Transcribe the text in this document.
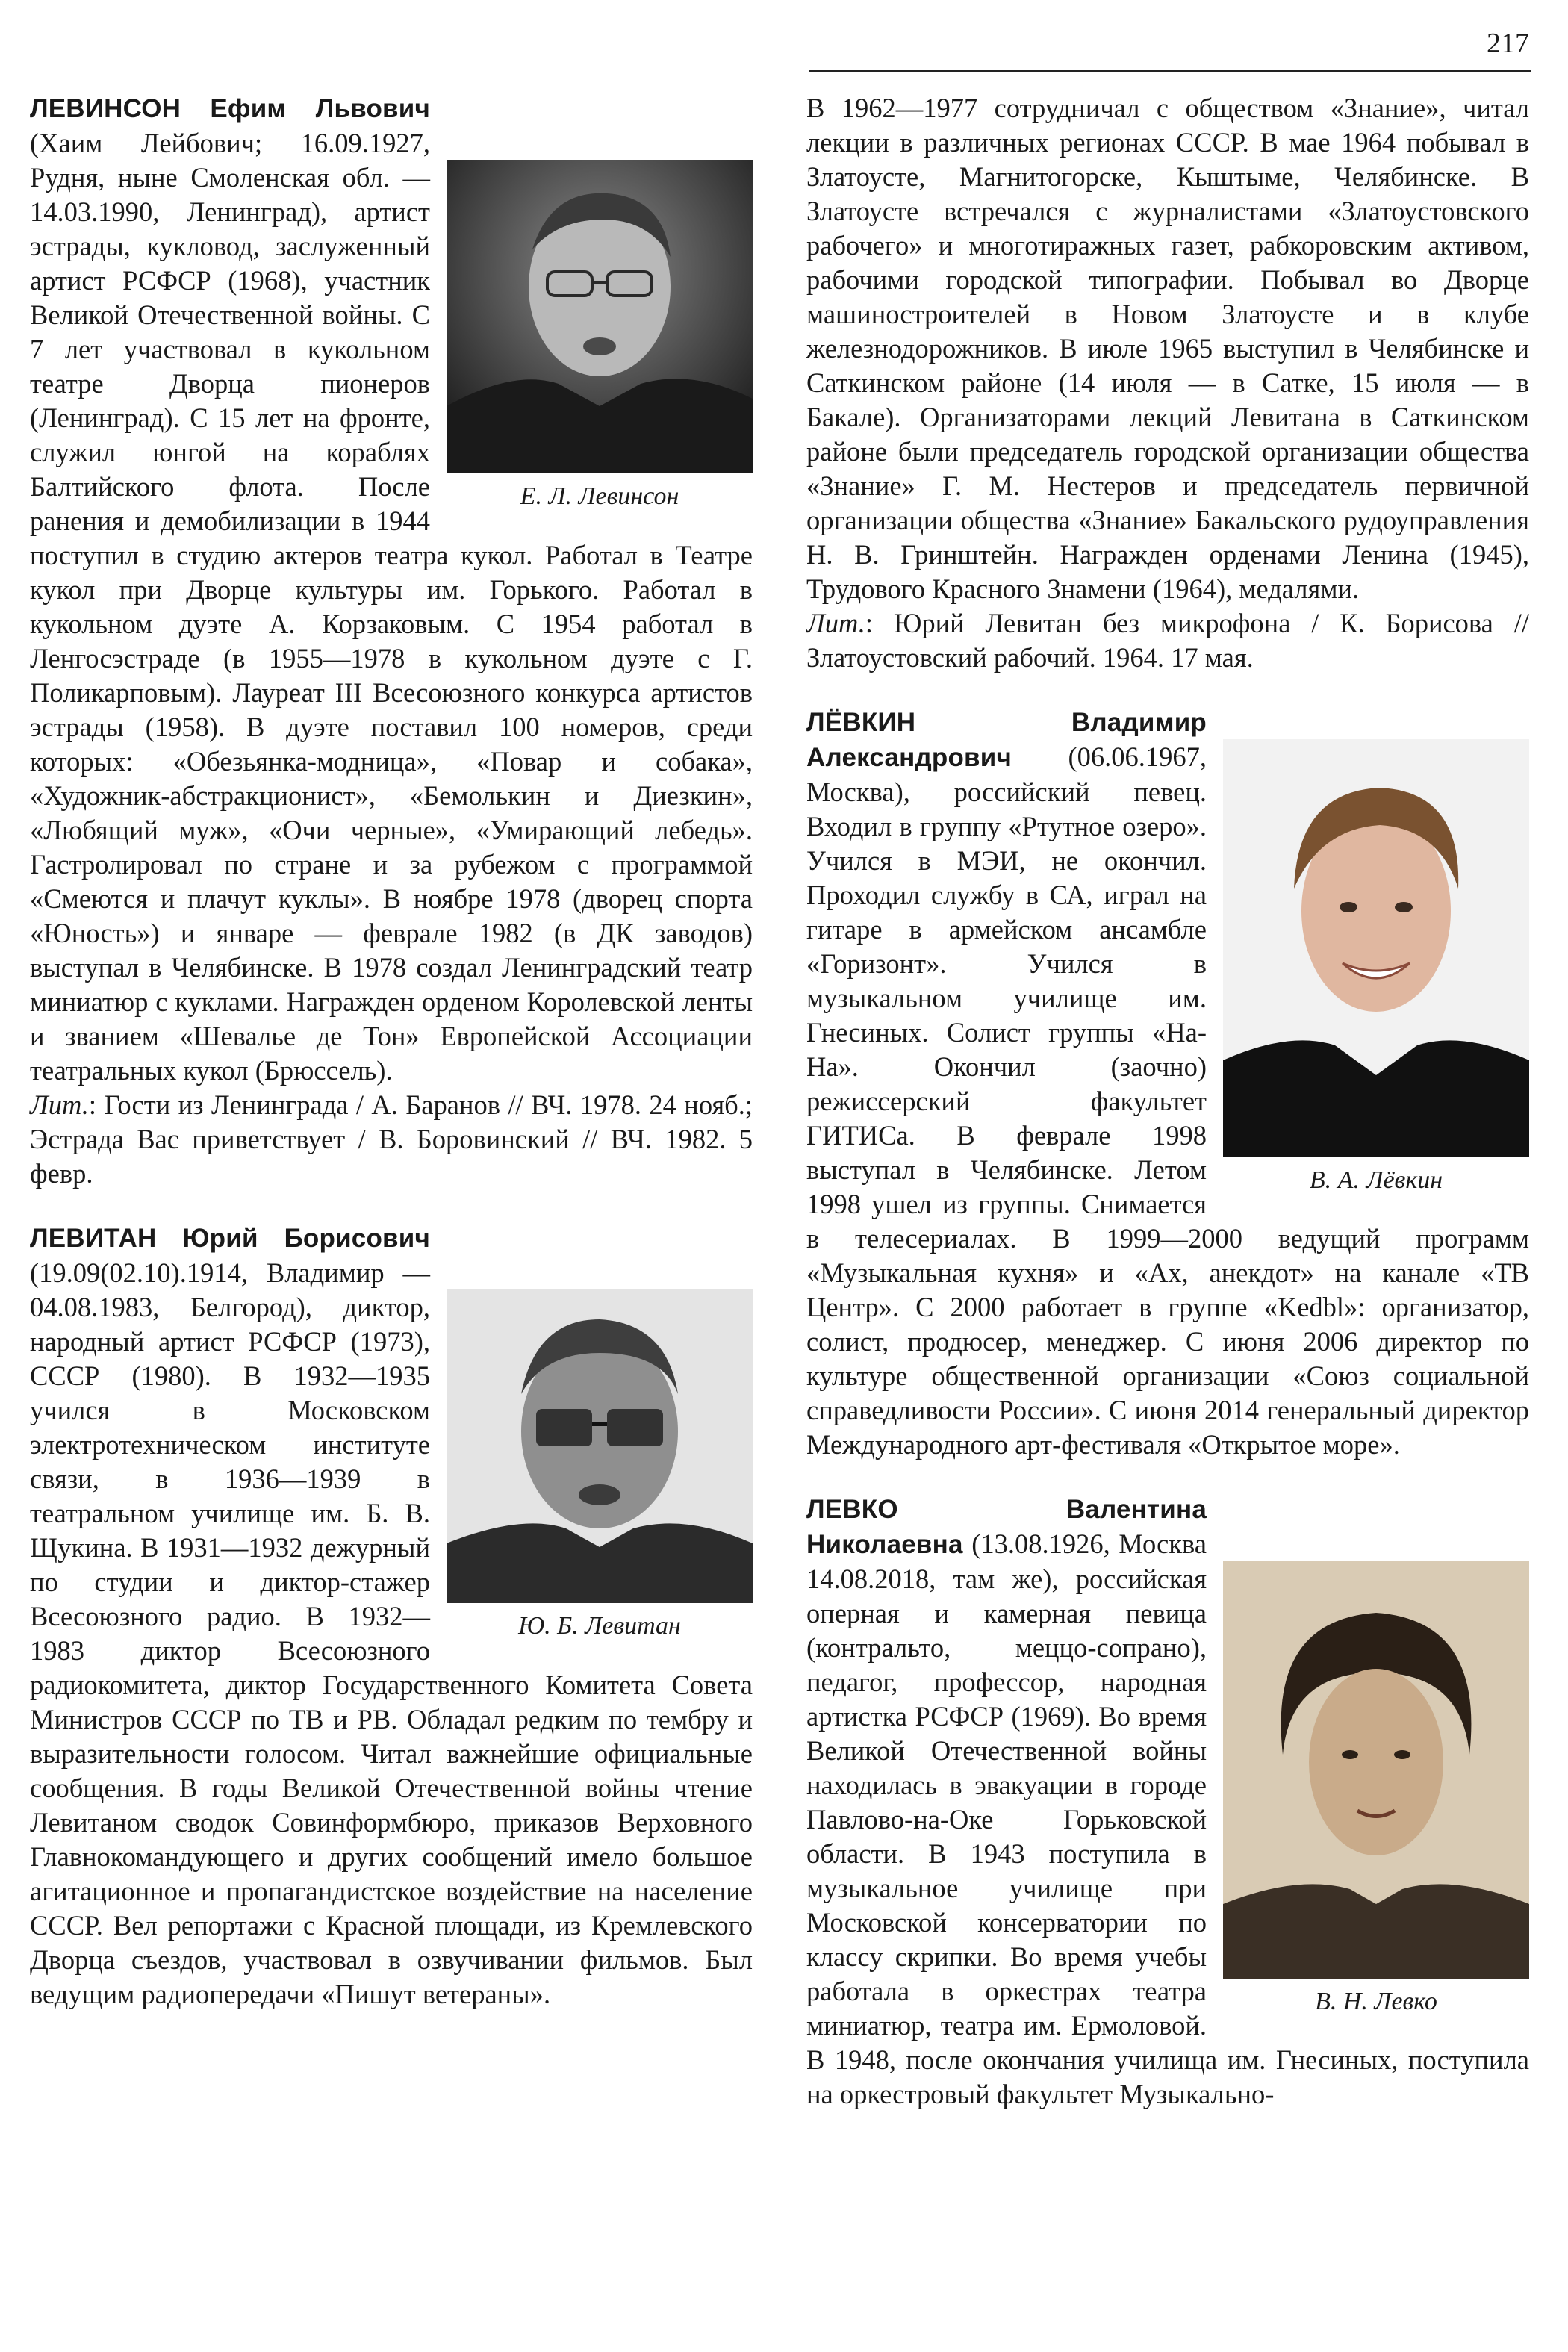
217
Е. Л. Левинсон

ЛЕВИНСОН Ефим Львович (Хаим Лейбович; 16.09.1927, Рудня, ныне Смоленская обл. — 14.03.1990, Ленинград), артист эстрады, кукловод, заслуженный артист РСФСР (1968), участник Великой Отечественной войны. С 7 лет участвовал в кукольном театре Дворца пионеров (Ленинград). С 15 лет на фронте, служил юнгой на кораблях Балтийского флота. После ранения и демобилизации в 1944 поступил в студию актеров театра кукол. Работал в Театре кукол при Дворце культуры им. Горького. Работал в кукольном дуэте А. Корзаковым. С 1954 работал в Ленгосэстраде (в 1955—1978 в кукольном дуэте с Г. Поликарповым). Лауреат III Всесоюзного конкурса артистов эстрады (1958). В дуэте поставил 100 номеров, среди которых: «Обезьянка-модница», «Повар и собака», «Художник-абстракционист», «Бемолькин и Диезкин», «Любящий муж», «Очи черные», «Умирающий лебедь». Гастролировал по стране и за рубежом с программой «Смеются и плачут куклы». В ноябре 1978 (дворец спорта «Юность») и январе — феврале 1982 (в ДК заводов) выступал в Челябинске. В 1978 создал Ленинградский театр миниатюр с куклами. Награжден орденом Королевской ленты и званием «Шевалье де Тон» Европейской Ассоциации театральных кукол (Брюссель).

Лит.: Гости из Ленинграда / А. Баранов // ВЧ. 1978. 24 нояб.; Эстрада Вас приветствует / В. Боровинский // ВЧ. 1982. 5 февр.

Ю. Б. Левитан

ЛЕВИТАН Юрий Борисович (19.09(02.10).1914, Владимир — 04.08.1983, Белгород), диктор, народный артист РСФСР (1973), СССР (1980). В 1932—1935 учился в Московском электротехническом институте связи, в 1936—1939 в театральном училище им. Б. В. Щукина. В 1931—1932 дежурный по студии и диктор-стажер Всесоюзного радио. В 1932—1983 диктор Всесоюзного радиокомитета, диктор Государственного Комитета Совета Министров СССР по ТВ и РВ. Обладал редким по тембру и выразительности голосом. Читал важнейшие официальные сообщения. В годы Великой Отечественной войны чтение Левитаном сводок Совинформбюро, приказов Верховного Главнокомандующего и других сообщений имело большое агитационное и пропагандистское воздействие на население СССР. Вел репортажи с Красной площади, из Кремлевского Дворца съездов, участвовал в озвучивании фильмов. Был ведущим радиопередачи «Пишут ветераны».

В 1962—1977 сотрудничал с обществом «Знание», читал лекции в различных регионах СССР. В мае 1964 побывал в Златоусте, Магнитогорске, Кыштыме, Челябинске. В Златоусте встречался с журналистами «Златоустовского рабочего» и многотиражных газет, рабкоровским активом, рабочими городской типографии. Побывал во Дворце машиностроителей в Новом Златоусте и в клубе железнодорожников. В июле 1965 выступил в Челябинске и Саткинском районе (14 июля — в Сатке, 15 июля — в Бакале). Организаторами лекций Левитана в Саткинском районе были председатель городской организации общества «Знание» Г. М. Нестеров и председатель первичной организации общества «Знание» Бакальского рудоуправления Н. В. Гринштейн. Награжден орденами Ленина (1945), Трудового Красного Знамени (1964), медалями.

Лит.: Юрий Левитан без микрофона / К. Борисова // Златоустовский рабочий. 1964. 17 мая.

В. А. Лёвкин

ЛЁВКИН Владимир Александрович (06.06.1967, Москва), российский певец. Входил в группу «Ртутное озеро». Учился в МЭИ, не окончил. Проходил службу в СА, играл на гитаре в армейском ансамбле «Горизонт». Учился в музыкальном училище им. Гнесиных. Солист группы «На-На». Окончил (заочно) режиссерский факультет ГИТИСа. В феврале 1998 выступал в Челябинске. Летом 1998 ушел из группы. Снимается в телесериалах. В 1999—2000 ведущий программ «Музыкальная кухня» и «Ах, анекдот» на канале «ТВ Центр». С 2000 работает в группе «Kedbl»: организатор, солист, продюсер, менеджер. С июня 2006 директор по культуре общественной организации «Союз социальной справедливости России». С июня 2014 генеральный директор Международного арт-фестиваля «Открытое море».

В. Н. Левко

ЛЕВКО Валентина Николаевна (13.08.1926, Москва 14.08.2018, там же), российская оперная и камерная певица (контральто, меццо-сопрано), педагог, профессор, народная артистка РСФСР (1969). Во время Великой Отечественной войны находилась в эвакуации в городе Павлово-на-Оке Горьковской области. В 1943 поступила в музыкальное училище при Московской консерватории по классу скрипки. Во время учебы работала в оркестрах театра миниатюр, театра им. Ермоловой. В 1948, после окончания училища им. Гнесиных, поступила на оркестровый факультет Музыкально-
